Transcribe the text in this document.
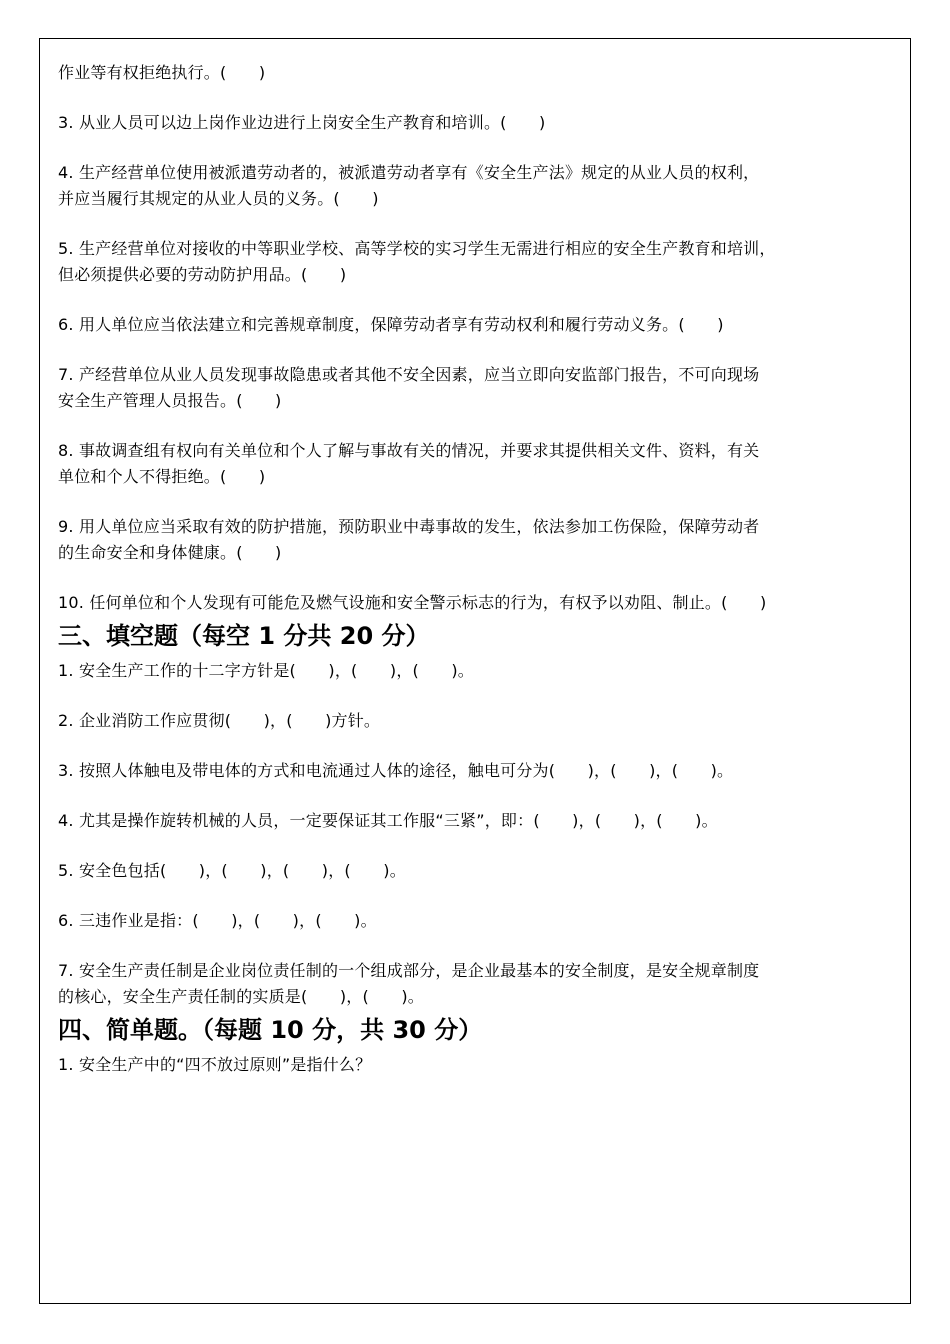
作业等有权拒绝执行。(　　)

3. 从业人员可以边上岗作业边进行上岗安全生产教育和培训。(　　)

4. 生产经营单位使用被派遣劳动者的，被派遣劳动者享有《安全生产法》规定的从业人员的权利，
并应当履行其规定的从业人员的义务。(　　)

5. 生产经营单位对接收的中等职业学校、高等学校的实习学生无需进行相应的安全生产教育和培训，
但必须提供必要的劳动防护用品。(　　)

6. 用人单位应当依法建立和完善规章制度，保障劳动者享有劳动权利和履行劳动义务。(　　)

7. 产经营单位从业人员发现事故隐患或者其他不安全因素，应当立即向安监部门报告，不可向现场
安全生产管理人员报告。(　　)

8. 事故调查组有权向有关单位和个人了解与事故有关的情况，并要求其提供相关文件、资料，有关
单位和个人不得拒绝。(　　)

9. 用人单位应当采取有效的防护措施，预防职业中毒事故的发生，依法参加工伤保险，保障劳动者
的生命安全和身体健康。(　　)

10. 任何单位和个人发现有可能危及燃气设施和安全警示标志的行为，有权予以劝阻、制止。(　　)

三、填空题（每空 1 分共 20 分）

1. 安全生产工作的十二字方针是(　　)，(　　)，(　　)。

2. 企业消防工作应贯彻(　　)，(　　)方针。

3. 按照人体触电及带电体的方式和电流通过人体的途径，触电可分为(　　)，(　　)，(　　)。

4. 尤其是操作旋转机械的人员，一定要保证其工作服“三紧”，即：(　　)，(　　)，(　　)。

5. 安全色包括(　　)，(　　)，(　　)，(　　)。

6. 三违作业是指：(　　)，(　　)，(　　)。

7. 安全生产责任制是企业岗位责任制的一个组成部分，是企业最基本的安全制度，是安全规章制度
的核心，安全生产责任制的实质是(　　)，(　　)。

四、简单题。（每题 10 分，共 30 分）

1. 安全生产中的“四不放过原则”是指什么？
